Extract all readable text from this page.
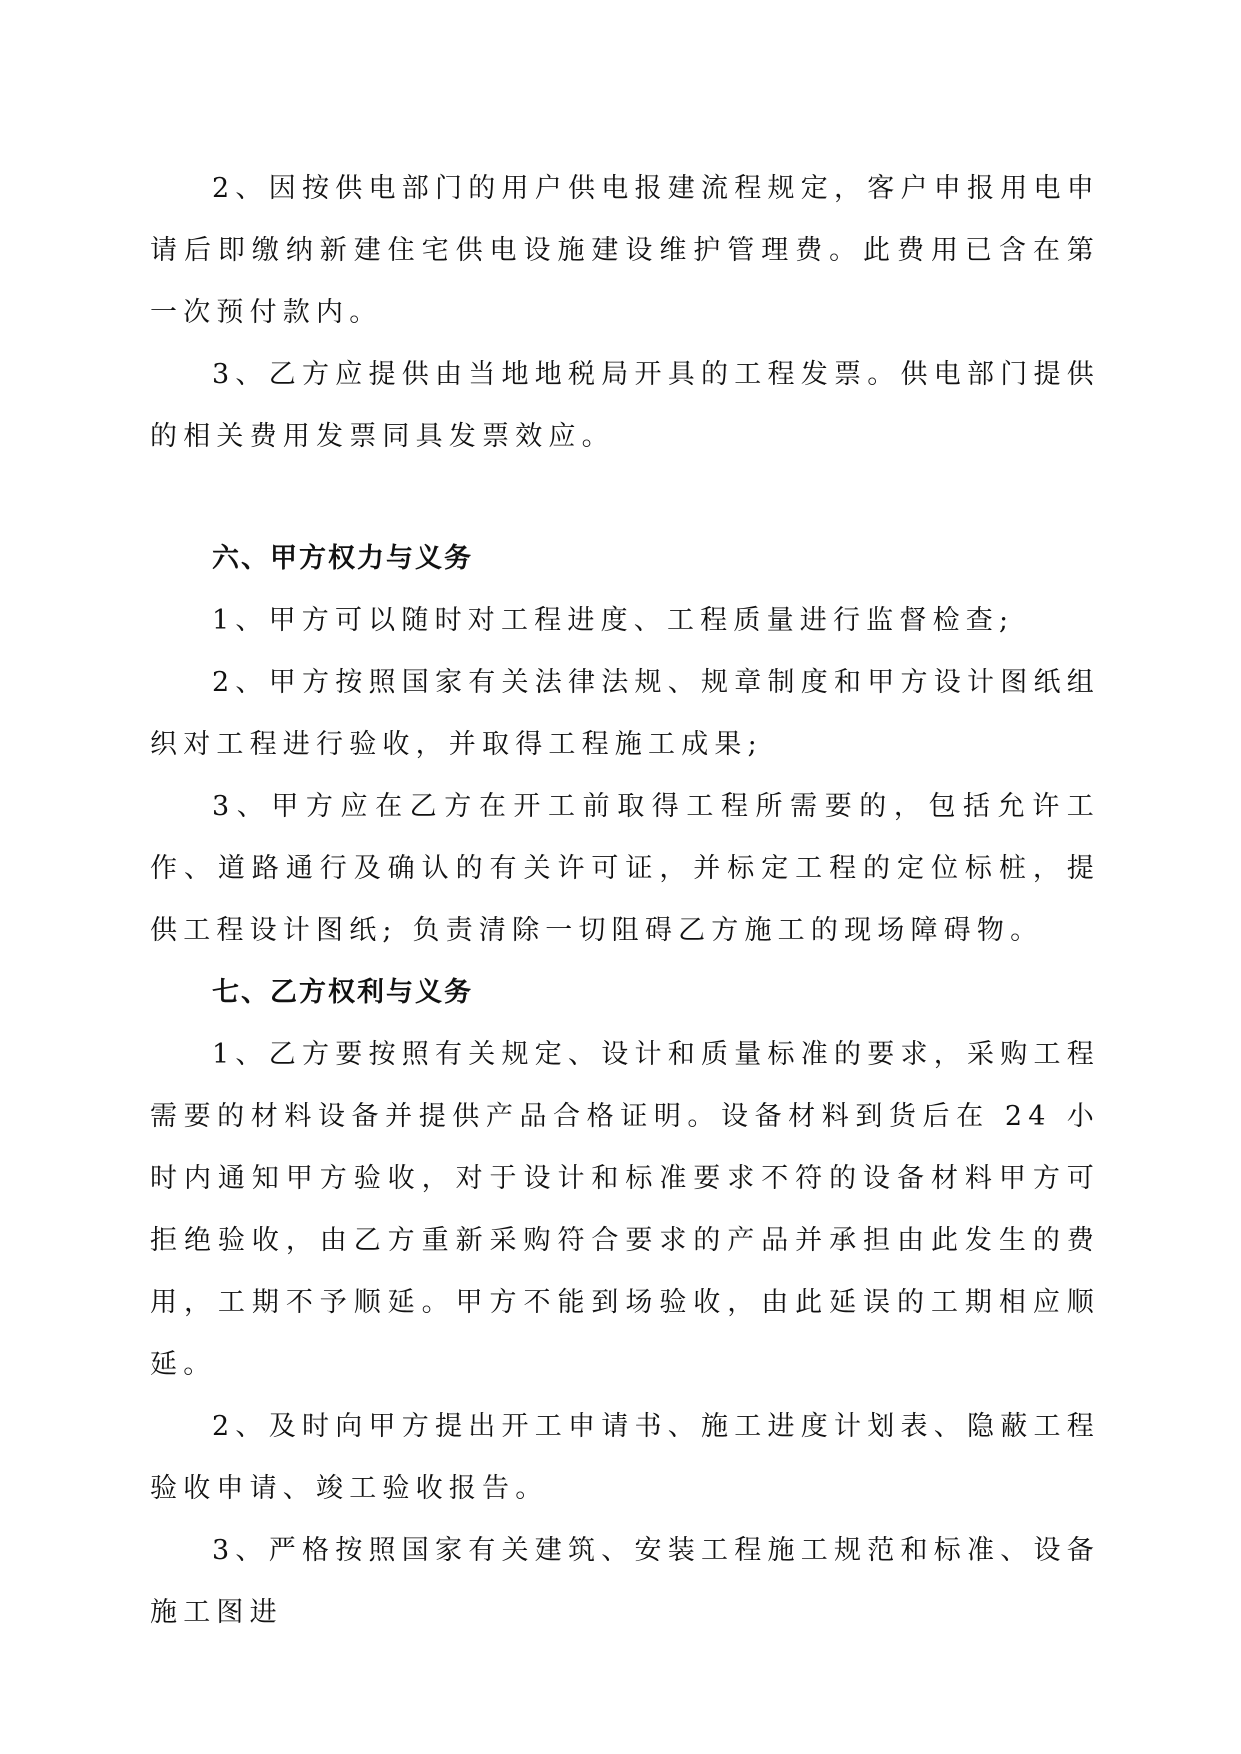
2、因按供电部门的用户供电报建流程规定，客户申报用电申请后即缴纳新建住宅供电设施建设维护管理费。此费用已含在第一次预付款内。

3、乙方应提供由当地地税局开具的工程发票。供电部门提供的相关费用发票同具发票效应。

六、甲方权力与义务

1、甲方可以随时对工程进度、工程质量进行监督检查;

2、甲方按照国家有关法律法规、规章制度和甲方设计图纸组织对工程进行验收，并取得工程施工成果;

3、甲方应在乙方在开工前取得工程所需要的，包括允许工作、道路通行及确认的有关许可证，并标定工程的定位标桩，提供工程设计图纸; 负责清除一切阻碍乙方施工的现场障碍物。

七、乙方权利与义务

1、乙方要按照有关规定、设计和质量标准的要求，采购工程需要的材料设备并提供产品合格证明。设备材料到货后在 24 小时内通知甲方验收，对于设计和标准要求不符的设备材料甲方可拒绝验收，由乙方重新采购符合要求的产品并承担由此发生的费用，工期不予顺延。甲方不能到场验收，由此延误的工期相应顺延。

2、及时向甲方提出开工申请书、施工进度计划表、隐蔽工程验收申请、竣工验收报告。

3、严格按照国家有关建筑、安装工程施工规范和标准、设备施工图进
